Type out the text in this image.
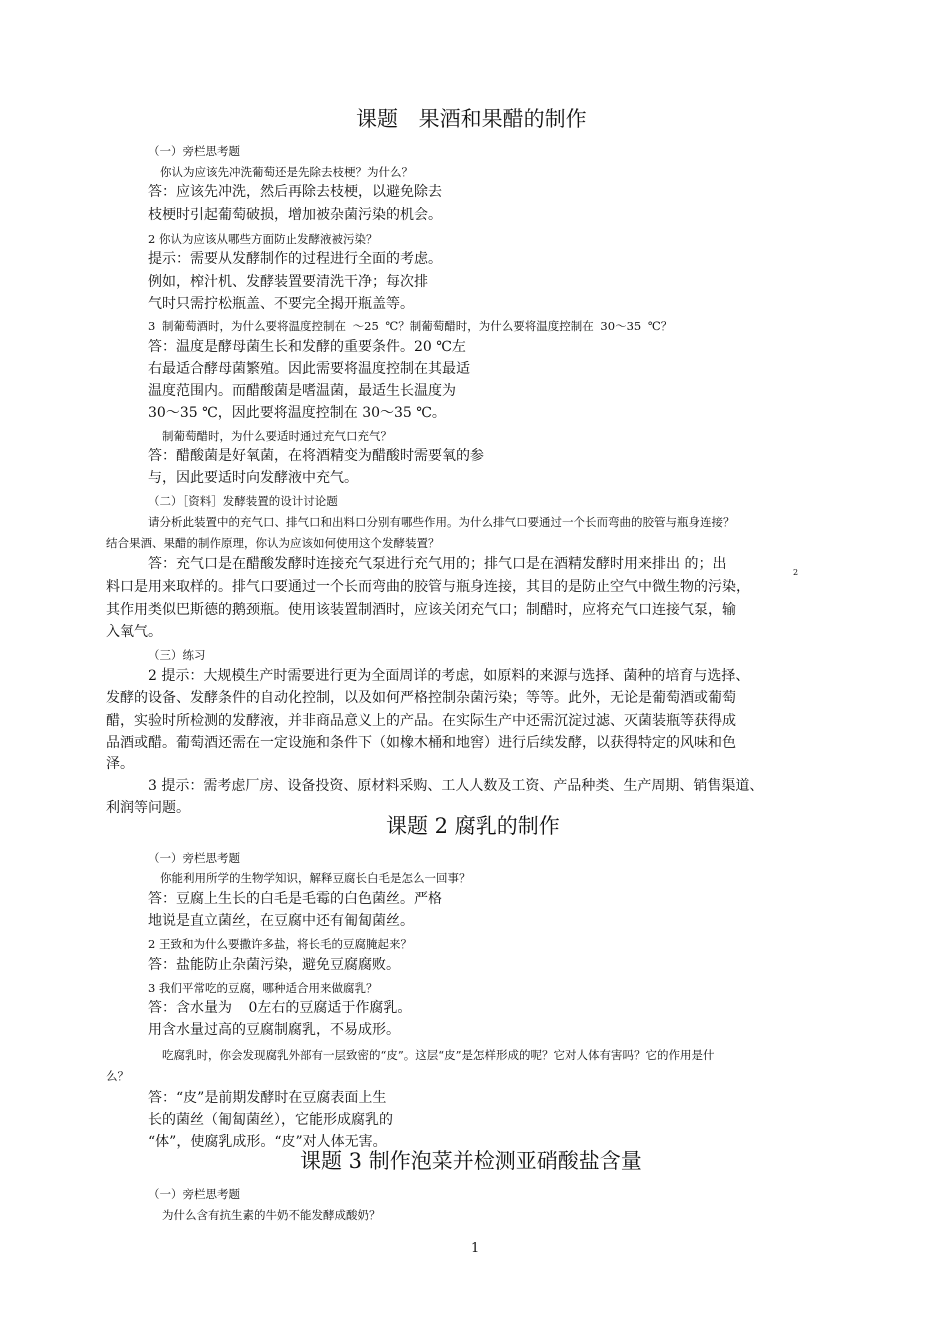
课题 果酒和果醋的制作
（一）旁栏思考题
你认为应该先冲洗葡萄还是先除去枝梗？为什么？
答：应该先冲洗，然后再除去枝梗，以避免除去
枝梗时引起葡萄破损，增加被杂菌污染的机会。
2 你认为应该从哪些方面防止发酵液被污染？
提示：需要从发酵制作的过程进行全面的考虑。
例如，榨汁机、发酵装置要清洗干净；每次排
气时只需拧松瓶盖、不要完全揭开瓶盖等。
3 制葡萄酒时，为什么要将温度控制在 ～25 ℃？制葡萄醋时，为什么要将温度控制在 30～35 ℃？
答：温度是酵母菌生长和发酵的重要条件。20 ℃左
右最适合酵母菌繁殖。因此需要将温度控制在其最适
温度范围内。而醋酸菌是嗜温菌，最适生长温度为
30～35 ℃，因此要将温度控制在 30～35 ℃。
制葡萄醋时，为什么要适时通过充气口充气？
答：醋酸菌是好氧菌，在将酒精变为醋酸时需要氧的参
与，因此要适时向发酵液中充气。
（二）［资料］发酵装置的设计讨论题
请分析此装置中的充气口、排气口和出料口分别有哪些作用。为什么排气口要通过一个长而弯曲的胶管与瓶身连接？
结合果酒、果醋的制作原理，你认为应该如何使用这个发酵装置？
答：充气口是在醋酸发酵时连接充气泵进行充气用的；排气口是在酒精发酵时用来排出 的；出
2
料口是用来取样的。排气口要通过一个长而弯曲的胶管与瓶身连接，其目的是防止空气中微生物的污染，
其作用类似巴斯德的鹅颈瓶。使用该装置制酒时，应该关闭充气口；制醋时，应将充气口连接气泵，输
入氧气。
（三）练习
2 提示：大规模生产时需要进行更为全面周详的考虑，如原料的来源与选择、菌种的培育与选择、
发酵的设备、发酵条件的自动化控制，以及如何严格控制杂菌污染；等等。此外，无论是葡萄酒或葡萄
醋，实验时所检测的发酵液，并非商品意义上的产品。在实际生产中还需沉淀过滤、灭菌装瓶等获得成
品酒或醋。葡萄酒还需在一定设施和条件下（如橡木桶和地窖）进行后续发酵，以获得特定的风味和色
泽。
3 提示：需考虑厂房、设备投资、原材料采购、工人人数及工资、产品种类、生产周期、销售渠道、
利润等问题。
课题 2 腐乳的制作
（一）旁栏思考题
你能利用所学的生物学知识，解释豆腐长白毛是怎么一回事？
答：豆腐上生长的白毛是毛霉的白色菌丝。严格
地说是直立菌丝，在豆腐中还有匍匐菌丝。
2 王致和为什么要撒许多盐，将长毛的豆腐腌起来？
答：盐能防止杂菌污染，避免豆腐腐败。
3 我们平常吃的豆腐，哪种适合用来做腐乳？
答：含水量为 0左右的豆腐适于作腐乳。
用含水量过高的豆腐制腐乳，不易成形。
吃腐乳时，你会发现腐乳外部有一层致密的“皮”。这层“皮”是怎样形成的呢？它对人体有害吗？它的作用是什
么？
答：“皮”是前期发酵时在豆腐表面上生
长的菌丝（匍匐菌丝），它能形成腐乳的
“体”，使腐乳成形。“皮”对人体无害。
课题 3 制作泡菜并检测亚硝酸盐含量
（一）旁栏思考题
为什么含有抗生素的牛奶不能发酵成酸奶？
1
